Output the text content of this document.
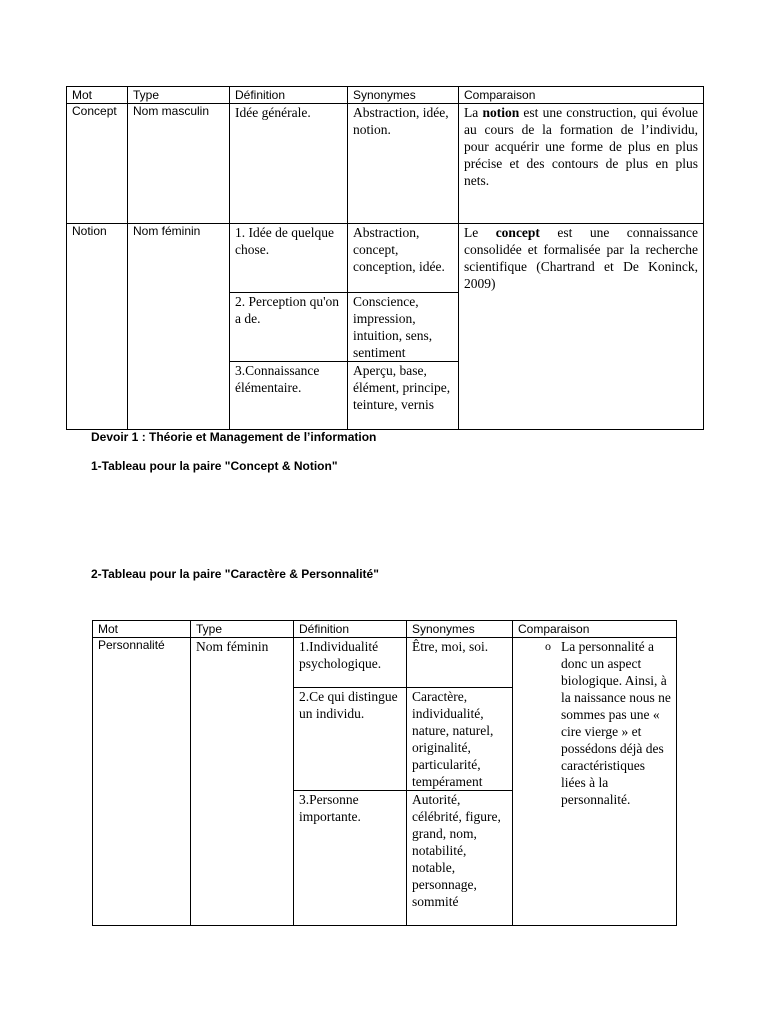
Mot	Type	Définition	Synonymes	Comparaison
Concept	Nom masculin	Idée générale.	Abstraction, idée, notion.	La notion est une construction, qui évolue au cours de la formation de l’individu, pour acquérir une forme de plus en plus précise et des contours de plus en plus nets.
Notion	Nom féminin	1. Idée de quelque chose.	Abstraction, concept, conception, idée.	Le concept est une connaissance consolidée et formalisée par la recherche scientifique (Chartrand et De Koninck, 2009)
		2. Perception qu'on a de.	Conscience, impression, intuition, sens, sentiment	
		3.Connaissance élémentaire.	Aperçu, base, élément, principe, teinture, vernis	
Devoir 1 : Théorie et Management de l’information
1-Tableau pour la paire "Concept & Notion"
2-Tableau pour la paire "Caractère & Personnalité"
Mot	Type	Définition	Synonymes	Comparaison
Personnalité	Nom féminin	1.Individualité psychologique.	Être, moi, soi.	o La personnalité a donc un aspect biologique. Ainsi, à la naissance nous ne sommes pas une « cire vierge » et possédons déjà des caractéristiques liées à la personnalité.

		2.Ce qui distingue un individu.	Caractère, individualité, nature, naturel, originalité, particularité, tempérament	
		3.Personne importante.	Autorité, célébrité, figure, grand, nom, notabilité, notable, personnage, sommité	
